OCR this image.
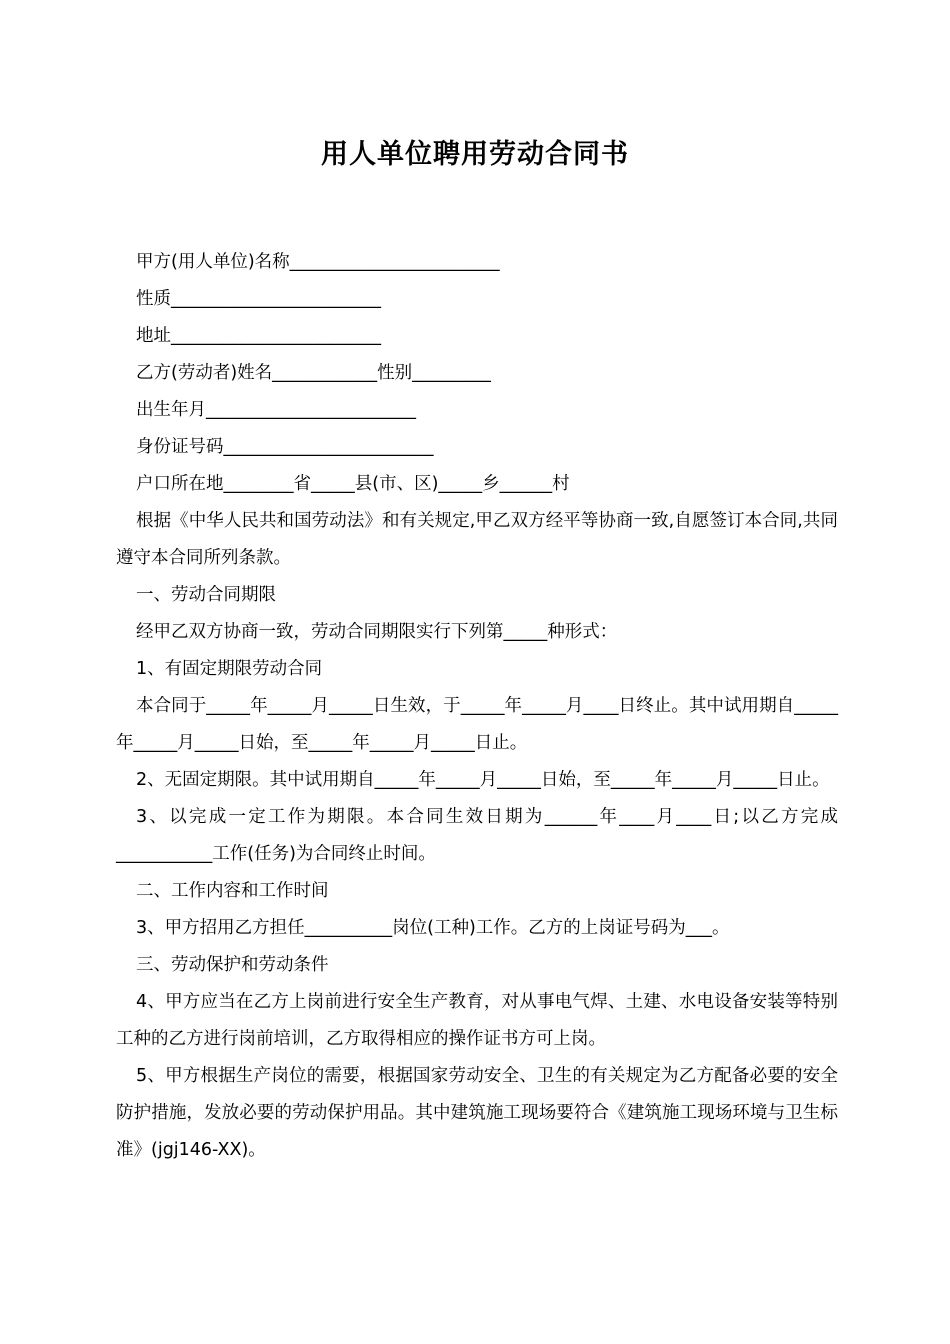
用人单位聘用劳动合同书
甲方(用人单位)名称________________________
性质________________________
地址________________________
乙方(劳动者)姓名____________性别_________
出生年月________________________
身份证号码________________________
户口所在地________省_____县(市、区)_____乡______村

根据《中华人民共和国劳动法》和有关规定,甲乙双方经平等协商一致,自愿签订本合同,共同遵守本合同所列条款。

一、劳动合同期限

经甲乙双方协商一致，劳动合同期限实行下列第_____种形式：

1、有固定期限劳动合同

本合同于_____年_____月_____日生效，于_____年_____月____日终止。其中试用期自_____年_____月_____日始，至_____年_____月_____日止。

2、无固定期限。其中试用期自_____年_____月_____日始，至_____年_____月_____日止。

3、以完成一定工作为期限。本合同生效日期为______年____月____日;以乙方完成___________工作(任务)为合同终止时间。

二、工作内容和工作时间

3、甲方招用乙方担任__________岗位(工种)工作。乙方的上岗证号码为___。

三、劳动保护和劳动条件

4、甲方应当在乙方上岗前进行安全生产教育，对从事电气焊、土建、水电设备安装等特别工种的乙方进行岗前培训，乙方取得相应的操作证书方可上岗。

5、甲方根据生产岗位的需要，根据国家劳动安全、卫生的有关规定为乙方配备必要的安全防护措施，发放必要的劳动保护用品。其中建筑施工现场要符合《建筑施工现场环境与卫生标准》(jgj146-XX)。
